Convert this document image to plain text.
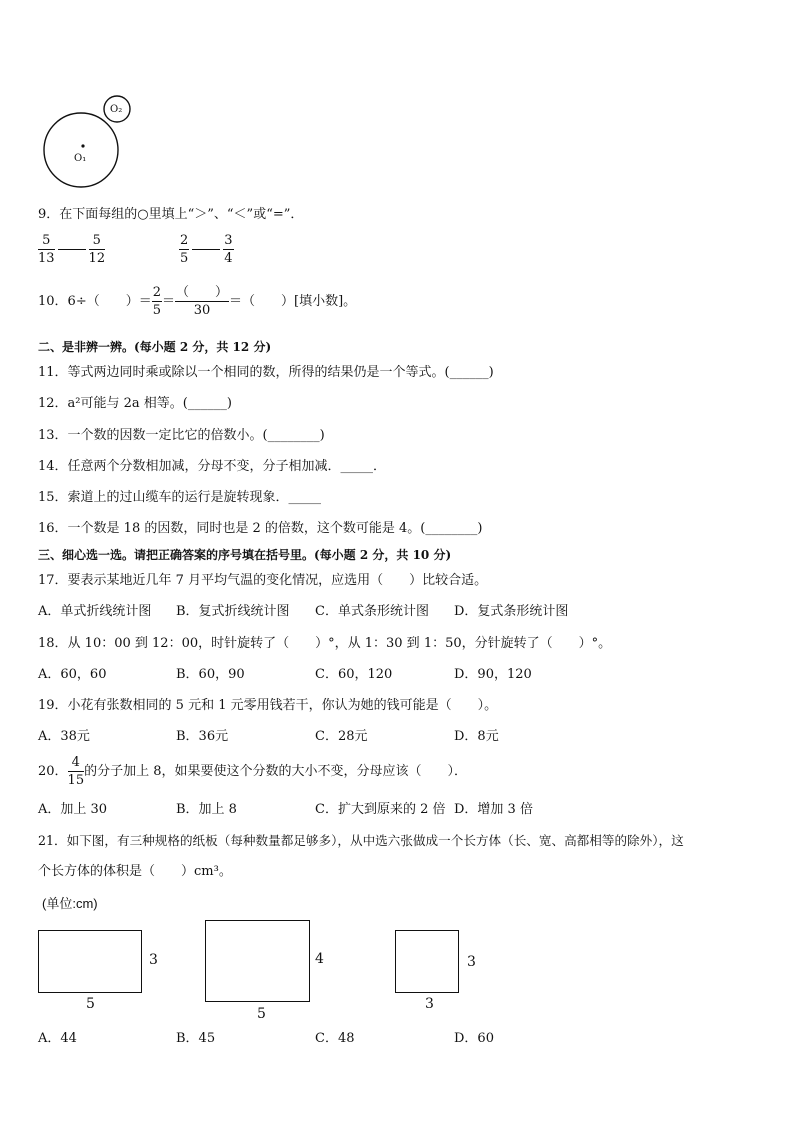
O₁
O₂
9．在下面每组的○里填上“＞”、“＜”或“=”．
$\frac{5}{13}$	$\frac{5}{12}$	$\frac{2}{5}$	$\frac{3}{4}$
10．6÷（　　）＝ $\frac{2}{5} = \frac{( )}{30}$ ＝（　　）[填小数]。
二、是非辨一辨。(每小题 2 分，共 12 分)
11．等式两边同时乘或除以一个相同的数，所得的结果仍是一个等式。(______)
12．a²可能与 2a 相等。(______)
13．一个数的因数一定比它的倍数小。(________)
14．任意两个分数相加减，分母不变，分子相加减．_____．
15．索道上的过山缆车的运行是旋转现象．_____
16．一个数是 18 的因数，同时也是 2 的倍数，这个数可能是 4。(________)
三、细心选一选。请把正确答案的序号填在括号里。(每小题 2 分，共 10 分)
17．要表示某地近几年 7 月平均气温的变化情况，应选用（　　）比较合适。
A．单式折线统计图 B．复式折线统计图 C．单式条形统计图 D．复式条形统计图
18．从 10：00 到 12：00，时针旋转了（　　）°，从 1：30 到 1：50，分针旋转了（　　）°。
A．60，60	B．60，90	C．60，120	D．90，120
19．小花有张数相同的 5 元和 1 元零用钱若干，你认为她的钱可能是（　　）。
A．38元	B．36元	C．28元	D．8元
20． $\frac{4}{15}$ 的分子加上 8，如果要使这个分数的大小不变，分母应该（　　）．
A．加上 30	B．加上 8	C．扩大到原来的 2 倍 D．增加 3 倍
21．如下图，有三种规格的纸板（每种数量都足够多），从中选六张做成一个长方体（长、宽、高都相等的除外），这
个长方体的体积是（　　）cm³。
(单位:cm)
3
5
4
5
3
3
A．44	B．45	C．48	D．60
